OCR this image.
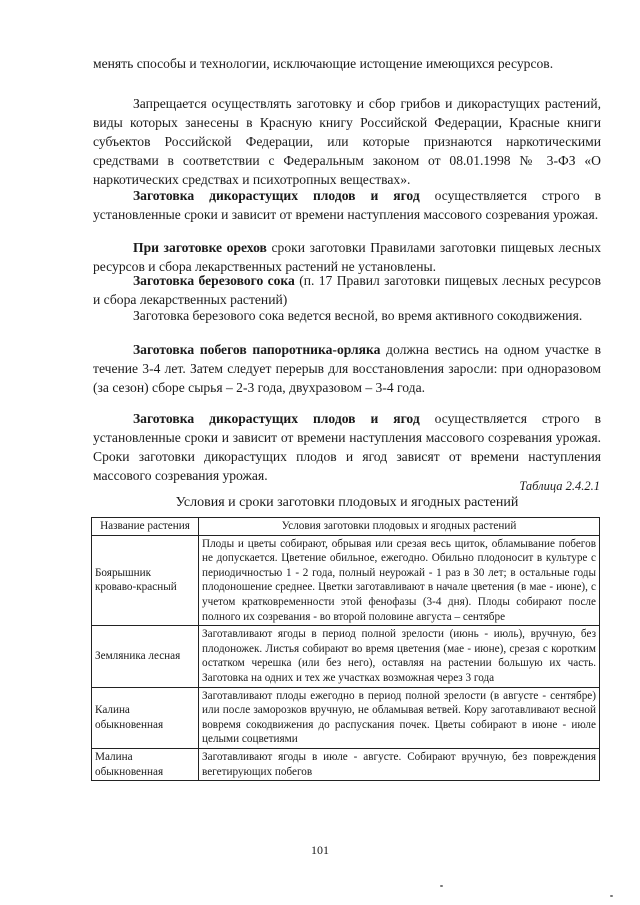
менять способы и технологии, исключающие истощение имеющихся ресурсов.

Запрещается осуществлять заготовку и сбор грибов и дикорастущих растений, виды которых занесены в Красную книгу Российской Федерации, Красные книги субъектов Российской Федерации, или которые признаются наркотическими средствами в соответствии с Федеральным законом от 08.01.1998 № 3-ФЗ «О наркотических средствах и психотропных веществах».

Заготовка дикорастущих плодов и ягод осуществляется строго в установленные сроки и зависит от времени наступления массового созревания урожая.

При заготовке орехов сроки заготовки Правилами заготовки пищевых лесных ресурсов и сбора лекарственных растений не установлены.

Заготовка березового сока (п. 17 Правил заготовки пищевых лесных ресурсов и сбора лекарственных растений)

Заготовка березового сока ведется весной, во время активного сокодвижения.

Заготовка побегов папоротника-орляка должна вестись на одном участке в течение 3-4 лет. Затем следует перерыв для восстановления заросли: при одноразовом (за сезон) сборе сырья – 2-3 года, двухразовом – 3-4 года.

Заготовка дикорастущих плодов и ягод осуществляется строго в установленные сроки и зависит от времени наступления массового созревания урожая. Сроки заготовки дикорастущих плодов и ягод зависят от времени наступления массового созревания урожая.

Таблица 2.4.2.1
Условия и сроки заготовки плодовых и ягодных растений
Название растения	Условия заготовки плодовых и ягодных растений
Боярышник кроваво-красный	Плоды и цветы собирают, обрывая или срезая весь щиток, обламывание побегов не допускается. Цветение обильное, ежегодно. Обильно плодоносит в культуре с периодичностью 1 - 2 года, полный неурожай - 1 раз в 30 лет; в остальные годы плодоношение среднее. Цветки заготавливают в начале цветения (в мае - июне), с учетом кратковременности этой фенофазы (3-4 дня). Плоды собирают после полного их созревания - во второй половине августа – сентябре
Земляника лесная	Заготавливают ягоды в период полной зрелости (июнь - июль), вручную, без плодоножек. Листья собирают во время цветения (мае - июне), срезая с коротким остатком черешка (или без него), оставляя на растении большую их часть. Заготовка на одних и тех же участках возможная через 3 года
Калина обыкновенная	Заготавливают плоды ежегодно в период полной зрелости (в августе - сентябре) или после заморозков вручную, не обламывая ветвей. Кору заготавливают весной вовремя сокодвижения до распускания почек. Цветы собирают в июне - июле целыми соцветиями
Малина обыкновенная	Заготавливают ягоды в июле - августе. Собирают вручную, без повреждения вегетирующих побегов
101
